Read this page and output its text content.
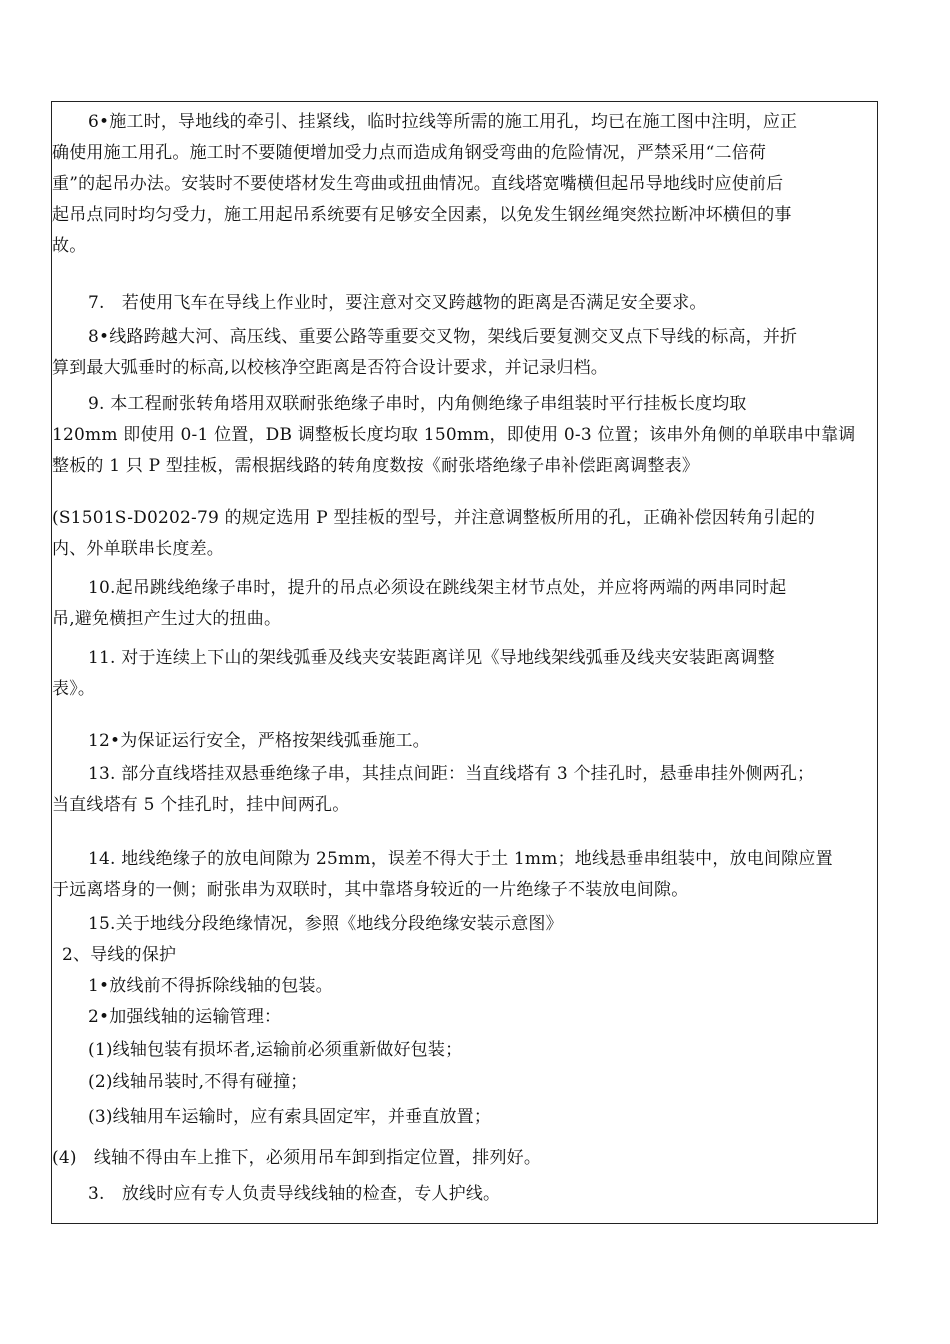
6•施工时，导地线的牵引、挂紧线，临时拉线等所需的施工用孔，均已在施工图中注明，应正
确使用施工用孔。施工时不要随便增加受力点而造成角钢受弯曲的危险情况，严禁采用“二倍荷
重”的起吊办法。安装时不要使塔材发生弯曲或扭曲情况。直线塔宽嘴横但起吊导地线时应使前后
起吊点同时均匀受力，施工用起吊系统要有足够安全因素，以免发生钢丝绳突然拉断冲坏横但的事
故。
7.　若使用飞车在导线上作业时，要注意对交叉跨越物的距离是否满足安全要求。
8•线路跨越大河、高压线、重要公路等重要交叉物，架线后要复测交叉点下导线的标高，并折
算到最大弧垂时的标高,以校核净空距离是否符合设计要求，并记录归档。
9. 本工程耐张转角塔用双联耐张绝缘子串时，内角侧绝缘子串组装时平行挂板长度均取
120mm 即使用 0-1 位置，DB 调整板长度均取 150mm，即使用 0-3 位置；该串外角侧的单联串中靠调
整板的 1 只 P 型挂板，需根据线路的转角度数按《耐张塔绝缘子串补偿距离调整表》
(S1501S-D0202-79 的规定选用 P 型挂板的型号，并注意调整板所用的孔，正确补偿因转角引起的
内、外单联串长度差。
10.起吊跳线绝缘子串时，提升的吊点必须设在跳线架主材节点处，并应将两端的两串同时起
吊,避免横担产生过大的扭曲。
11. 对于连续上下山的架线弧垂及线夹安装距离详见《导地线架线弧垂及线夹安装距离调整
表》。
12•为保证运行安全，严格按架线弧垂施工。
13. 部分直线塔挂双悬垂绝缘子串，其挂点间距：当直线塔有 3 个挂孔时，悬垂串挂外侧两孔；
当直线塔有 5 个挂孔时，挂中间两孔。
14. 地线绝缘子的放电间隙为 25mm，误差不得大于土 1mm；地线悬垂串组装中，放电间隙应置
于远离塔身的一侧；耐张串为双联时，其中靠塔身较近的一片绝缘子不装放电间隙。
15.关于地线分段绝缘情况，参照《地线分段绝缘安装示意图》
2、导线的保护
1•放线前不得拆除线轴的包装。
2•加强线轴的运输管理：
(1)线轴包装有损坏者,运输前必须重新做好包装；
(2)线轴吊装时,不得有碰撞；
(3)线轴用车运输时，应有索具固定牢，并垂直放置；
(4)　线轴不得由车上推下，必须用吊车卸到指定位置，排列好。
3.　放线时应有专人负责导线线轴的检查，专人护线。
